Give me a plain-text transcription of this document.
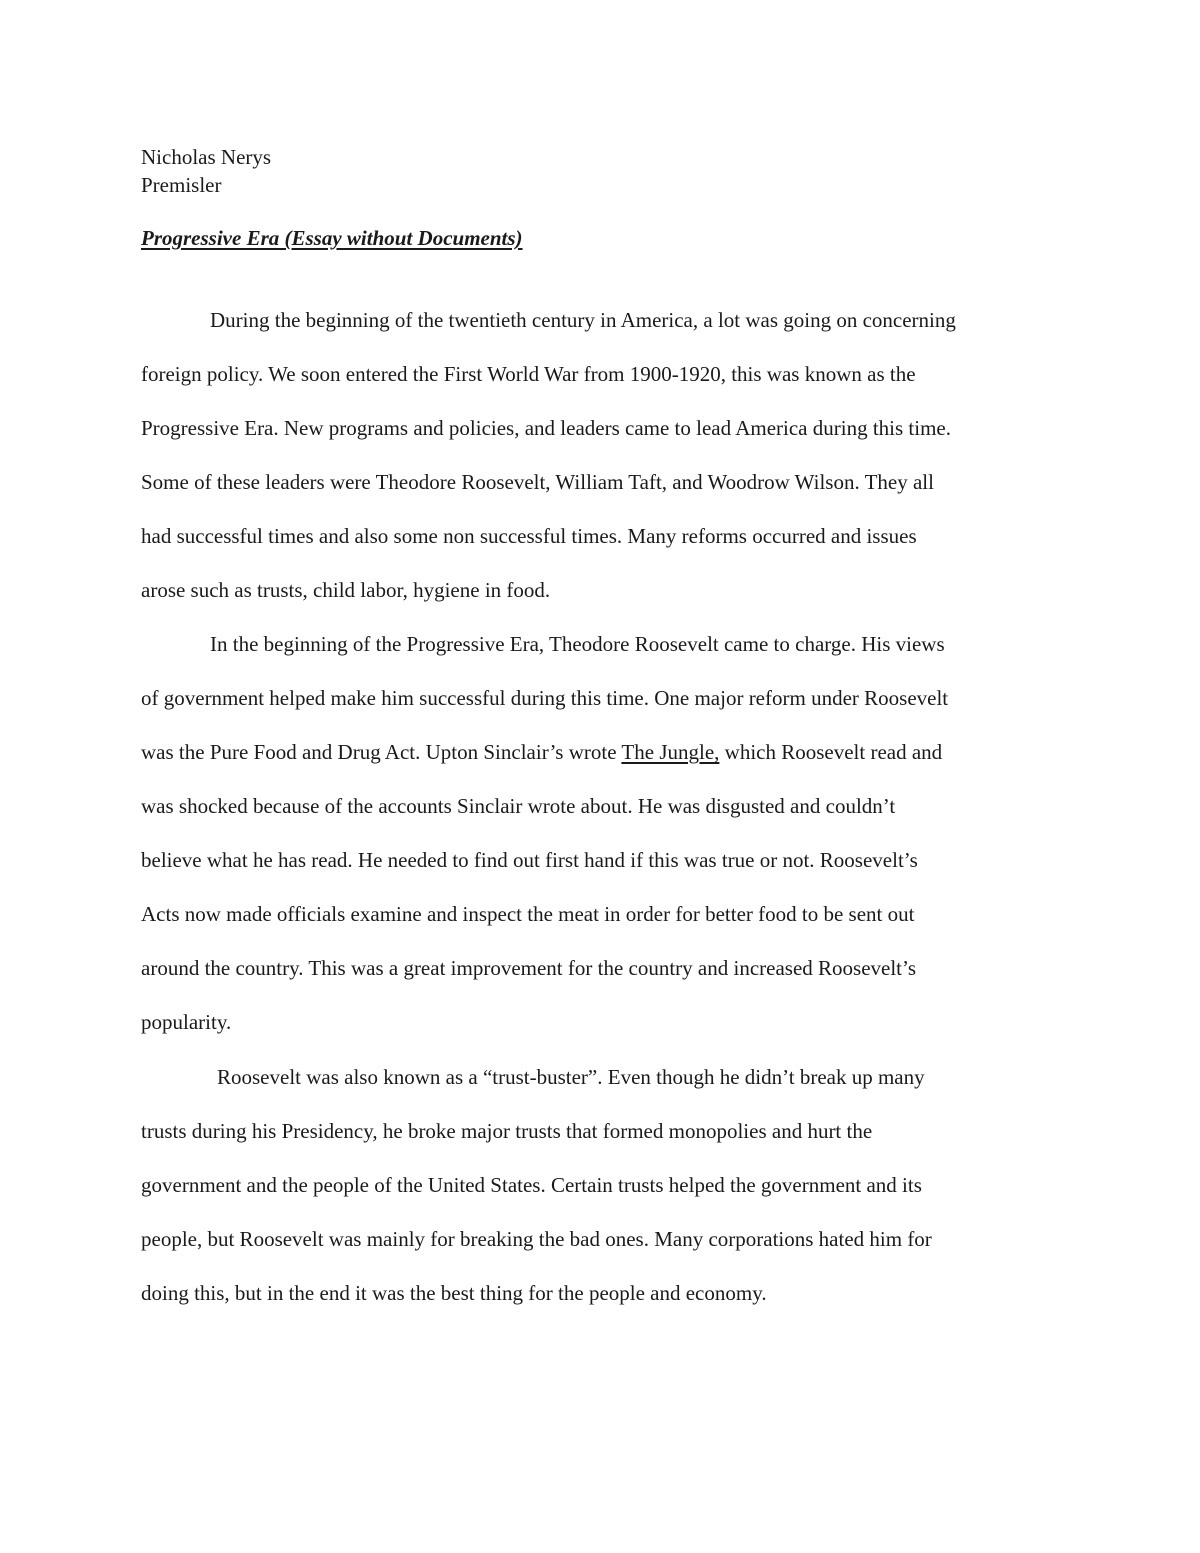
Nicholas Nerys
Premisler
Progressive Era (Essay without Documents)
During the beginning of the twentieth century in America, a lot was going on concerning
foreign policy. We soon entered the First World War from 1900-1920, this was known as the
Progressive Era. New programs and policies, and leaders came to lead America during this time.
Some of these leaders were Theodore Roosevelt, William Taft, and Woodrow Wilson. They all
had successful times and also some non successful times. Many reforms occurred and issues
arose such as trusts, child labor, hygiene in food.
In the beginning of the Progressive Era, Theodore Roosevelt came to charge. His views
of government helped make him successful during this time. One major reform under Roosevelt
was the Pure Food and Drug Act. Upton Sinclair’s wrote The Jungle, which Roosevelt read and
was shocked because of the accounts Sinclair wrote about. He was disgusted and couldn’t
believe what he has read. He needed to find out first hand if this was true or not. Roosevelt’s
Acts now made officials examine and inspect the meat in order for better food to be sent out
around the country. This was a great improvement for the country and increased Roosevelt’s
popularity.
Roosevelt was also known as a “trust-buster”. Even though he didn’t break up many
trusts during his Presidency, he broke major trusts that formed monopolies and hurt the
government and the people of the United States. Certain trusts helped the government and its
people, but Roosevelt was mainly for breaking the bad ones. Many corporations hated him for
doing this, but in the end it was the best thing for the people and economy.
